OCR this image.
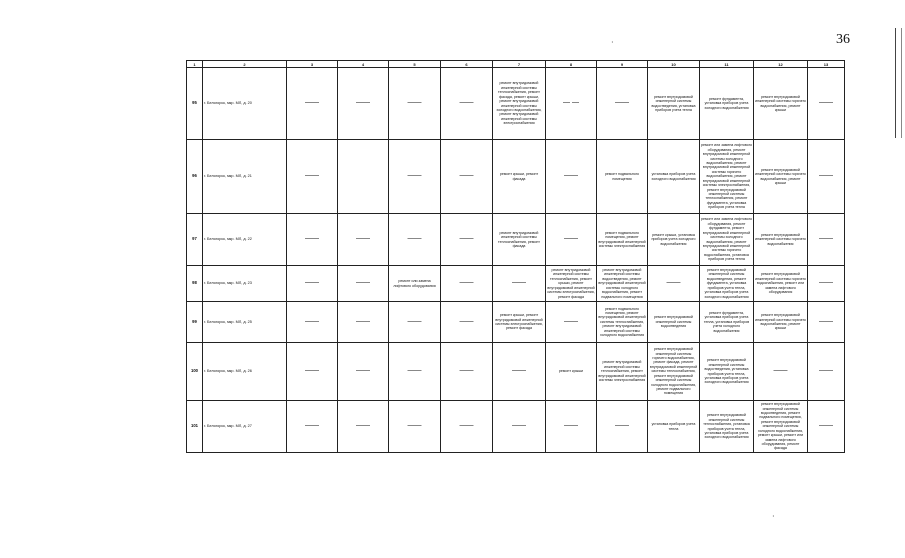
36
·
·
1	2	3	4	5	6	7	8	9	10	11	12	13
95	г. Белогорск, мкр. МЛ, д. 20	——	——	——	——	ремонт внутридомовой инженерной системы теплоснабжения, ремонт фасада, ремонт крыши, ремонт внутридомовой инженерной системы холодного водоснабжения, ремонт внутридомовой инженерной системы электроснабжения	— —	——	ремонт внутридомовой инженерной системы водоотведения, установка приборов учета тепла	ремонт фундамента, установка приборов учета холодного водоснабжения	ремонт внутридомовой инженерной системы горячего водоснабжения, ремонт крыши	——
96	г. Белогорск, мкр. МЛ, д. 21	——		——	——	ремонт крыши, ремонт фасада	——	ремонт подвального помещения	установка приборов учета холодного водоснабжения	ремонт или замена лифтового оборудования, ремонт внутридомовой инженерной системы холодного водоснабжения, ремонт внутридомовой инженерной системы горячего водоснабжения, ремонт внутридомовой инженерной системы электроснабжения, ремонт внутридомовой инженерной системы теплоснабжения, ремонт фундамента, установка приборов учета тепла	ремонт внутридомовой инженерной системы горячего водоснабжения, ремонт крыши	——
97	г. Белогорск, мкр. МЛ, д. 22	——	——	——	——	ремонт внутридомовой инженерной системы теплоснабжения, ремонт фасада	——	ремонт подвального помещения, ремонт внутридомовой инженерной системы электроснабжения	ремонт крыши, установка приборов учета холодного водоснабжения	ремонт или замена лифтового оборудования, ремонт фундамента, ремонт внутридомовой инженерной системы холодного водоснабжения, ремонт внутридомовой инженерной системы горячего водоснабжения, установка приборов учета тепла	ремонт внутридомовой инженерной системы горячего водоснабжения	——
98	г. Белогорск, мкр. МЛ, д. 23	——	——	ремонт или замена лифтового оборудования	——	——	ремонт внутридомовой инженерной системы теплоснабжения, ремонт крыши, ремонт внутридомовой инженерной системы электроснабжения, ремонт фасада	ремонт внутридомовой инженерной системы водоотведения, ремонт внутридомовой инженерной системы холодного водоснабжения, ремонт подвального помещения	——	ремонт внутридомовой инженерной системы водоотведения, ремонт фундамента, установка приборов учета тепла, установка приборов учета холодного водоснабжения	ремонт внутридомовой инженерной системы горячего водоснабжения, ремонт или замена лифтового оборудования	——
99	г. Белогорск, мкр. МЛ, д. 25	——	——	——	——	ремонт крыши, ремонт внутридомовой инженерной системы электроснабжения, ремонт фасада	——	ремонт подвального помещения, ремонт внутридомовой инженерной системы теплоснабжения, ремонт внутридомовой инженерной системы холодного водоснабжения	ремонт внутридомовой инженерной системы водоотведения	ремонт фундамента, установка приборов учета тепла, установка приборов учета холодного водоснабжения	ремонт внутридомовой инженерной системы горячего водоснабжения, ремонт крыши	——
100	г. Белогорск, мкр. МЛ, д. 26	——	——	——	——	——	ремонт крыши	ремонт внутридомовой инженерной системы теплоснабжения, ремонт внутридомовой инженерной системы электроснабжения	ремонт внутридомовой инженерной системы горячего водоснабжения, ремонт фасада, ремонт внутридомовой инженерной системы теплоснабжения, ремонт внутридомовой инженерной системы холодного водоснабжения, ремонт подвального помещения	ремонт внутридомовой инженерной системы водоотведения, установка приборов учета тепла, установка приборов учета холодного водоснабжения	——	——
101	г. Белогорск, мкр. МЛ, д. 27	——	——	——	——	——	——	——	установка приборов учета тепла	ремонт внутридомовой инженерной системы теплоснабжения, установка приборов учета тепла, установка приборов учета холодного водоснабжения	ремонт внутридомовой инженерной системы водоотведения, ремонт подвального помещения, ремонт внутридомовой инженерной системы холодного водоснабжения, ремонт крыши, ремонт или замена лифтового оборудования, ремонт фасада	——
